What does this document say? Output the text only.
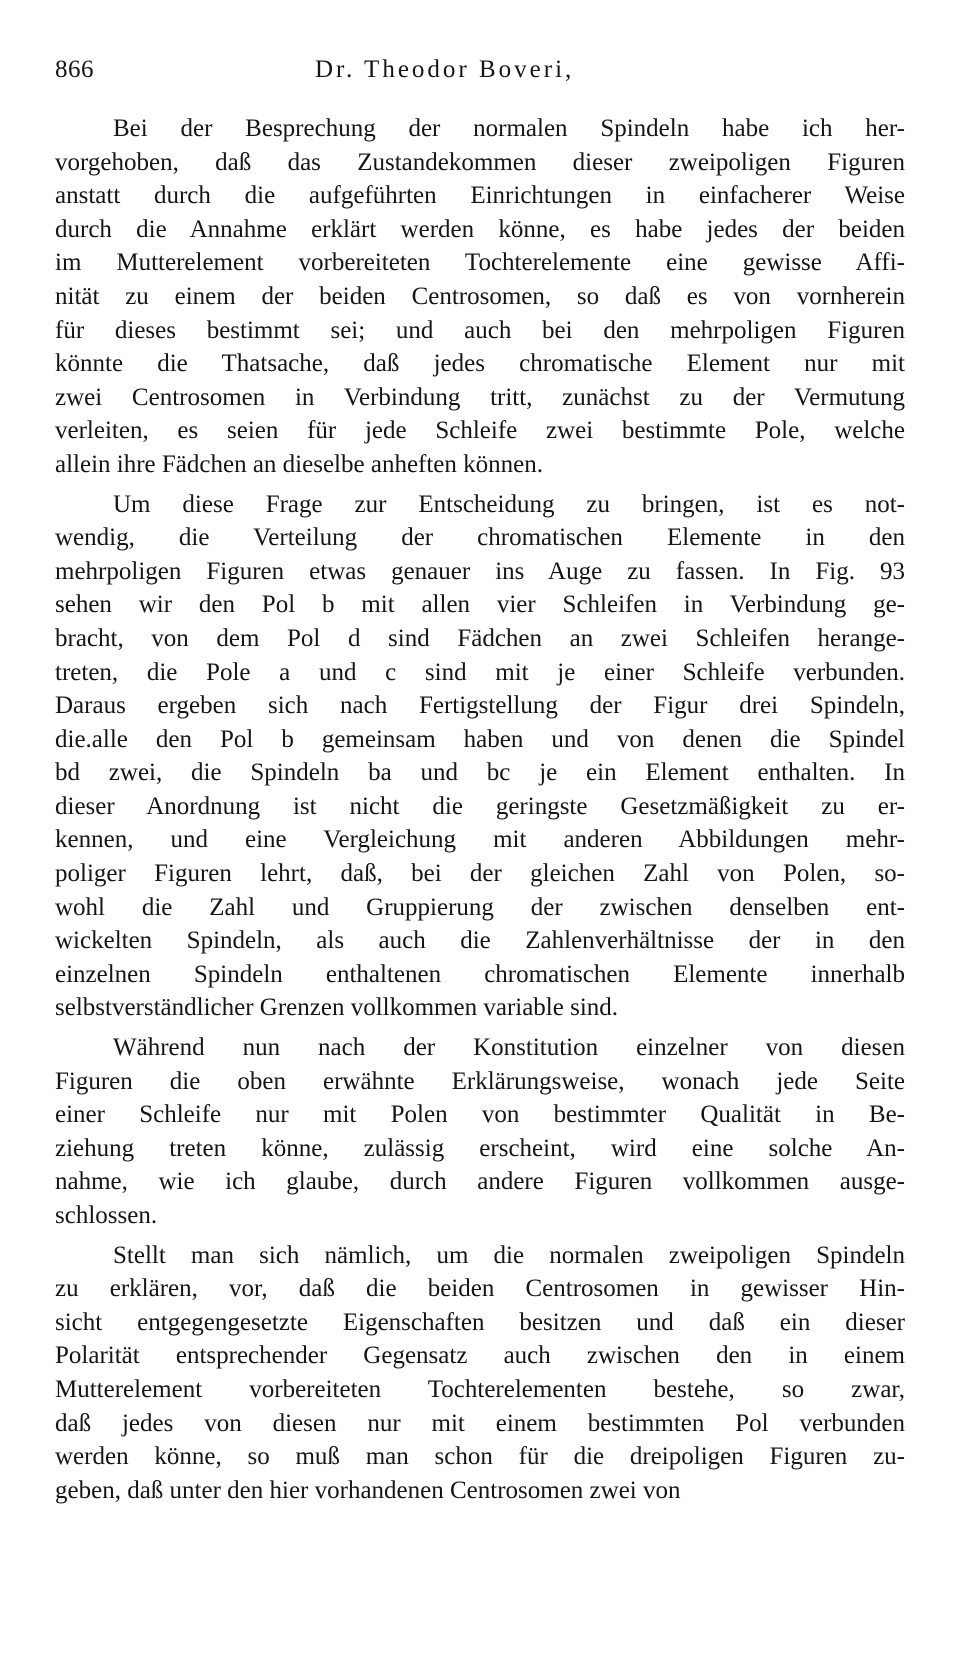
866	Dr. Theodor Boveri,
Bei der Besprechung der normalen Spindeln habe ich her-
vorgehoben, daß das Zustandekommen dieser zweipoligen Figuren
anstatt durch die aufgeführten Einrichtungen in einfacherer Weise
durch die Annahme erklärt werden könne, es habe jedes der beiden
im Mutterelement vorbereiteten Tochterelemente eine gewisse Affi-
nität zu einem der beiden Centrosomen, so daß es von vornherein
für dieses bestimmt sei; und auch bei den mehrpoligen Figuren
könnte die Thatsache, daß jedes chromatische Element nur mit
zwei Centrosomen in Verbindung tritt, zunächst zu der Vermutung
verleiten, es seien für jede Schleife zwei bestimmte Pole, welche
allein ihre Fädchen an dieselbe anheften können.
Um diese Frage zur Entscheidung zu bringen, ist es not-
wendig, die Verteilung der chromatischen Elemente in den
mehrpoligen Figuren etwas genauer ins Auge zu fassen. In Fig. 93
sehen wir den Pol b mit allen vier Schleifen in Verbindung ge-
bracht, von dem Pol d sind Fädchen an zwei Schleifen herange-
treten, die Pole a und c sind mit je einer Schleife verbunden.
Daraus ergeben sich nach Fertigstellung der Figur drei Spindeln,
die.alle den Pol b gemeinsam haben und von denen die Spindel
bd zwei, die Spindeln ba und bc je ein Element enthalten. In
dieser Anordnung ist nicht die geringste Gesetzmäßigkeit zu er-
kennen, und eine Vergleichung mit anderen Abbildungen mehr-
poliger Figuren lehrt, daß, bei der gleichen Zahl von Polen, so-
wohl die Zahl und Gruppierung der zwischen denselben ent-
wickelten Spindeln, als auch die Zahlenverhältnisse der in den
einzelnen Spindeln enthaltenen chromatischen Elemente innerhalb
selbstverständlicher Grenzen vollkommen variable sind.
Während nun nach der Konstitution einzelner von diesen
Figuren die oben erwähnte Erklärungsweise, wonach jede Seite
einer Schleife nur mit Polen von bestimmter Qualität in Be-
ziehung treten könne, zulässig erscheint, wird eine solche An-
nahme, wie ich glaube, durch andere Figuren vollkommen ausge-
schlossen.
Stellt man sich nämlich, um die normalen zweipoligen Spindeln
zu erklären, vor, daß die beiden Centrosomen in gewisser Hin-
sicht entgegengesetzte Eigenschaften besitzen und daß ein dieser
Polarität entsprechender Gegensatz auch zwischen den in einem
Mutterelement vorbereiteten Tochterelementen bestehe, so zwar,
daß jedes von diesen nur mit einem bestimmten Pol verbunden
werden könne, so muß man schon für die dreipoligen Figuren zu-
geben, daß unter den hier vorhandenen Centrosomen zwei von
